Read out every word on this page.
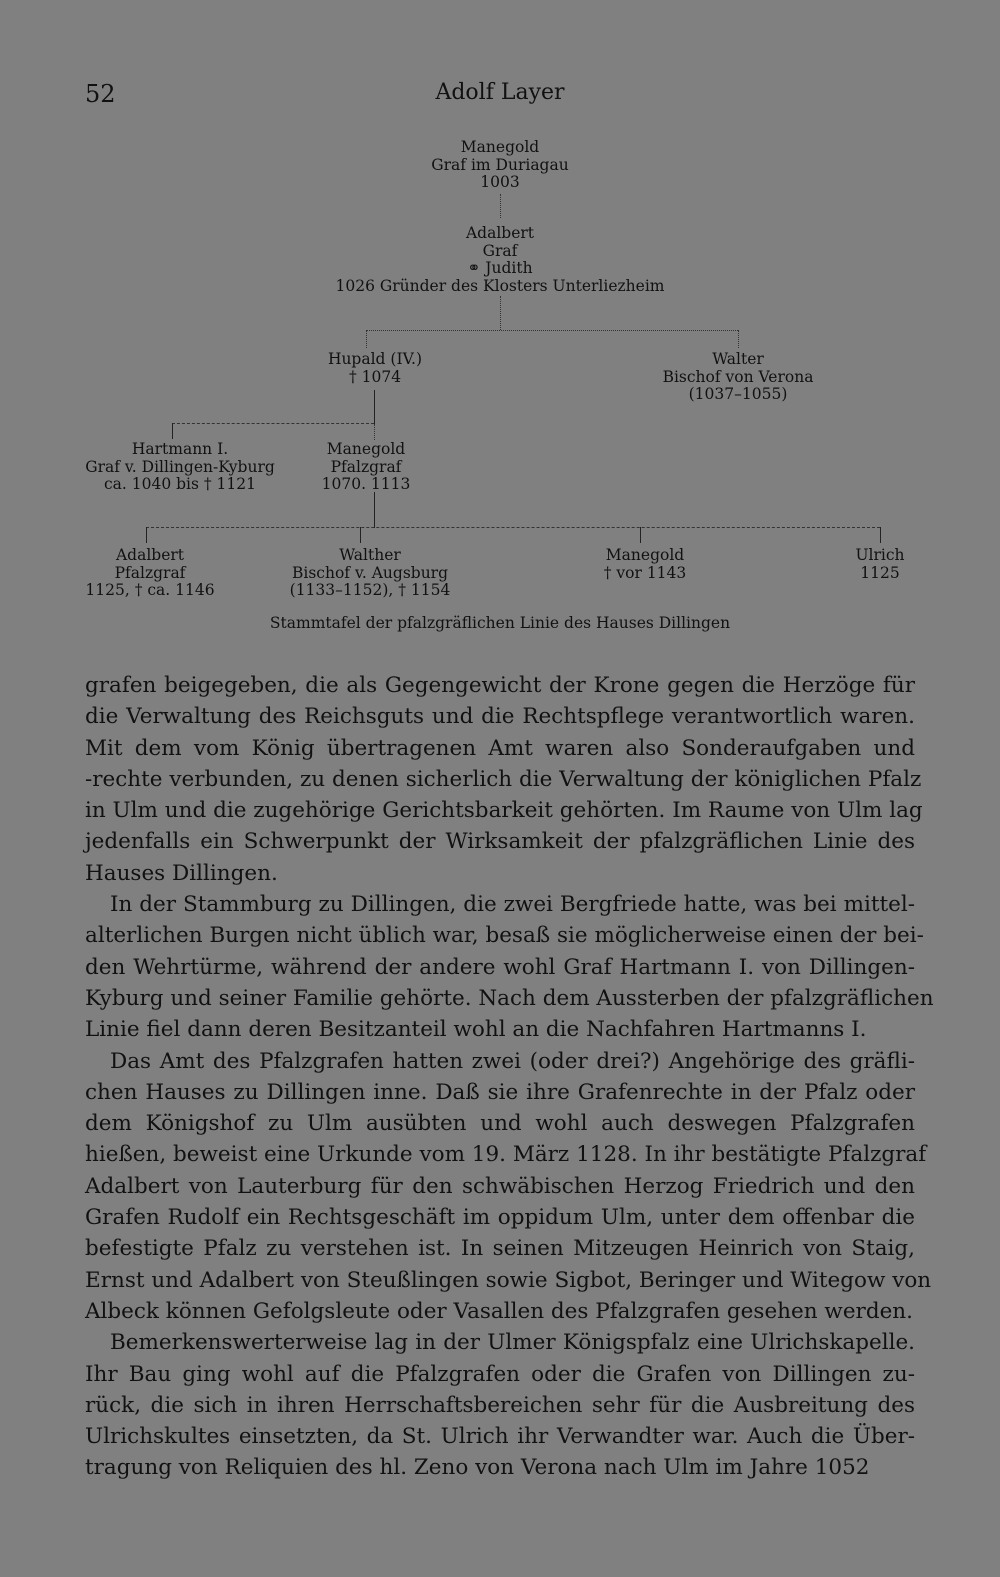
52	Adolf Layer
Manegold
Graf im Duriagau
1003
Adalbert
Graf
⚭ Judith
1026 Gründer des Klosters Unterliezheim
Hupald (IV.)
† 1074
Walter
Bischof von Verona
(1037–1055)
Hartmann I.
Graf v. Dillingen-Kyburg
ca. 1040 bis † 1121
Manegold
Pfalzgraf
1070. 1113
Adalbert
Pfalzgraf
1125, † ca. 1146
Walther
Bischof v. Augsburg
(1133–1152), † 1154
Manegold
† vor 1143
Ulrich
1125
Stammtafel der pfalzgräflichen Linie des Hauses Dillingen

grafen beigegeben, die als Gegengewicht der Krone gegen die Herzöge für
die Verwaltung des Reichsguts und die Rechtspflege verantwortlich waren.
Mit dem vom König übertragenen Amt waren also Sonderaufgaben und
-rechte verbunden, zu denen sicherlich die Verwaltung der königlichen Pfalz
in Ulm und die zugehörige Gerichtsbarkeit gehörten. Im Raume von Ulm lag
jedenfalls ein Schwerpunkt der Wirksamkeit der pfalzgräflichen Linie des
Hauses Dillingen.

In der Stammburg zu Dillingen, die zwei Bergfriede hatte, was bei mittel-
alterlichen Burgen nicht üblich war, besaß sie möglicherweise einen der bei-
den Wehrtürme, während der andere wohl Graf Hartmann I. von Dillingen-
Kyburg und seiner Familie gehörte. Nach dem Aussterben der pfalzgräflichen
Linie fiel dann deren Besitzanteil wohl an die Nachfahren Hartmanns I.

Das Amt des Pfalzgrafen hatten zwei (oder drei?) Angehörige des gräfli-
chen Hauses zu Dillingen inne. Daß sie ihre Grafenrechte in der Pfalz oder
dem Königshof zu Ulm ausübten und wohl auch deswegen Pfalzgrafen
hießen, beweist eine Urkunde vom 19. März 1128. In ihr bestätigte Pfalzgraf
Adalbert von Lauterburg für den schwäbischen Herzog Friedrich und den
Grafen Rudolf ein Rechtsgeschäft im oppidum Ulm, unter dem offenbar die
befestigte Pfalz zu verstehen ist. In seinen Mitzeugen Heinrich von Staig,
Ernst und Adalbert von Steußlingen sowie Sigbot, Beringer und Witegow von
Albeck können Gefolgsleute oder Vasallen des Pfalzgrafen gesehen werden.

Bemerkenswerterweise lag in der Ulmer Königspfalz eine Ulrichskapelle.
Ihr Bau ging wohl auf die Pfalzgrafen oder die Grafen von Dillingen zu-
rück, die sich in ihren Herrschaftsbereichen sehr für die Ausbreitung des
Ulrichskultes einsetzten, da St. Ulrich ihr Verwandter war. Auch die Über-
tragung von Reliquien des hl. Zeno von Verona nach Ulm im Jahre 1052
